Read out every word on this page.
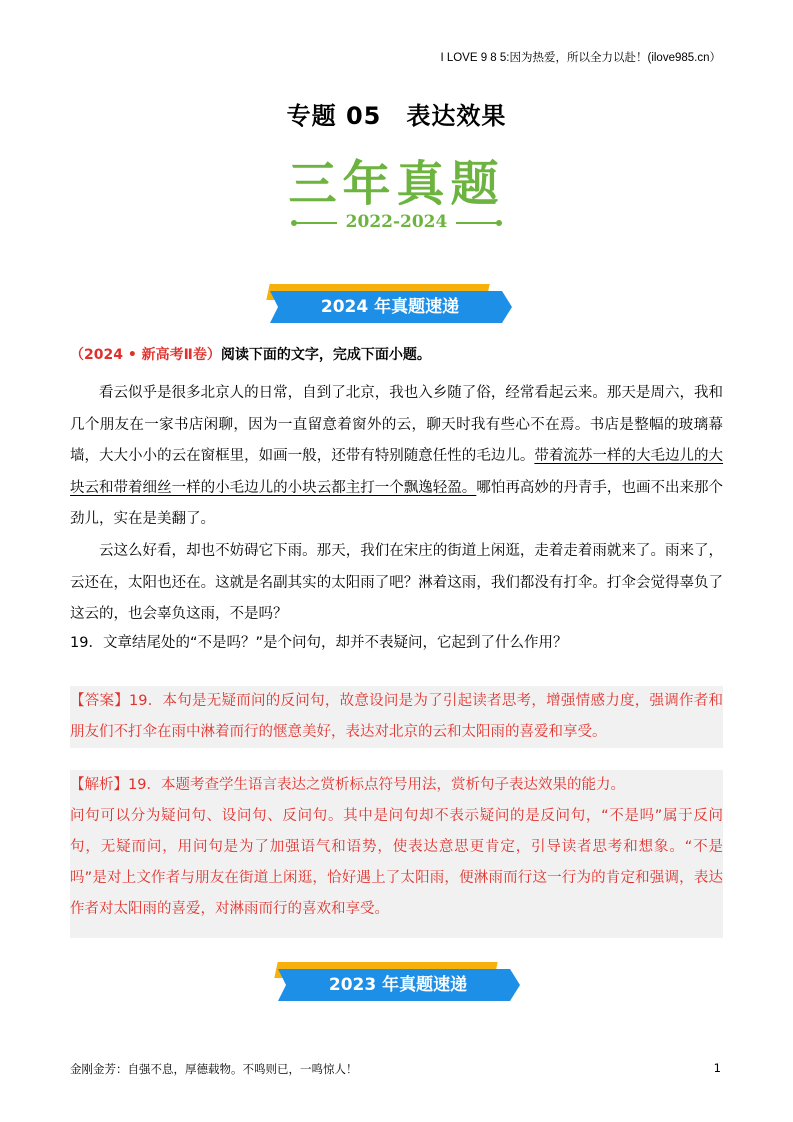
I LOVE 9 8 5:因为热爱，所以全力以赴！(ilove985.cn）
专题 05　表达效果
三年真题
2022-2024
2024 年真题速递
（2024 • 新高考Ⅱ卷）阅读下面的文字，完成下面小题。

看云似乎是很多北京人的日常，自到了北京，我也入乡随了俗，经常看起云来。那天是周六，我和几个朋友在一家书店闲聊，因为一直留意着窗外的云，聊天时我有些心不在焉。书店是整幅的玻璃幕墙，大大小小的云在窗框里，如画一般，还带有特别随意任性的毛边儿。带着流苏一样的大毛边儿的大块云和带着细丝一样的小毛边儿的小块云都主打一个飘逸轻盈。哪怕再高妙的丹青手，也画不出来那个劲儿，实在是美翻了。

云这么好看，却也不妨碍它下雨。那天，我们在宋庄的街道上闲逛，走着走着雨就来了。雨来了，云还在，太阳也还在。这就是名副其实的太阳雨了吧？淋着这雨，我们都没有打伞。打伞会觉得辜负了这云的，也会辜负这雨，不是吗？

19．文章结尾处的“不是吗？”是个问句，却并不表疑问，它起到了什么作用？

【答案】19．本句是无疑而问的反问句，故意设问是为了引起读者思考，增强情感力度，强调作者和朋友们不打伞在雨中淋着而行的惬意美好，表达对北京的云和太阳雨的喜爱和享受。

【解析】19．本题考查学生语言表达之赏析标点符号用法，赏析句子表达效果的能力。

问句可以分为疑问句、设问句、反问句。其中是问句却不表示疑问的是反问句，“不是吗”属于反问句，无疑而问，用问句是为了加强语气和语势，使表达意思更肯定，引导读者思考和想象。“不是吗”是对上文作者与朋友在街道上闲逛，恰好遇上了太阳雨，便淋雨而行这一行为的肯定和强调，表达作者对太阳雨的喜爱，对淋雨而行的喜欢和享受。

2023 年真题速递
金刚金芳：自强不息，厚德载物。不鸣则已，一鸣惊人！	1
